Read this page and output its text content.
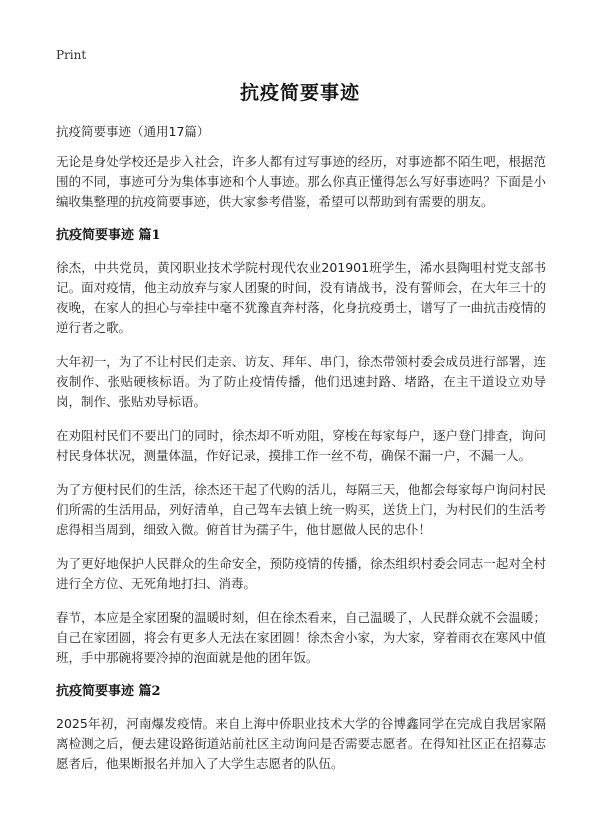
Print
抗疫简要事迹

抗疫简要事迹（通用17篇）

无论是身处学校还是步入社会，许多人都有过写事迹的经历，对事迹都不陌生吧，根据范围的不同，事迹可分为集体事迹和个人事迹。那么你真正懂得怎么写好事迹吗？下面是小编收集整理的抗疫简要事迹，供大家参考借鉴，希望可以帮助到有需要的朋友。

抗疫简要事迹 篇1

徐杰，中共党员，黄冈职业技术学院村现代农业201901班学生，浠水县陶咀村党支部书记。面对疫情，他主动放弃与家人团聚的时间，没有请战书，没有誓师会，在大年三十的夜晚，在家人的担心与牵挂中毫不犹豫直奔村落，化身抗疫勇士，谱写了一曲抗击疫情的逆行者之歌。

大年初一，为了不让村民们走亲、访友、拜年、串门，徐杰带领村委会成员进行部署，连夜制作、张贴硬核标语。为了防止疫情传播，他们迅速封路、堵路，在主干道设立劝导岗，制作、张贴劝导标语。

在劝阻村民们不要出门的同时，徐杰却不听劝阻，穿梭在每家每户，逐户登门排查，询问村民身体状况，测量体温，作好记录，摸排工作一丝不苟，确保不漏一户，不漏一人。

为了方便村民们的生活，徐杰还干起了代购的活儿，每隔三天，他都会每家每户询问村民们所需的生活用品，列好清单，自己驾车去镇上统一购买，送货上门，为村民们的生活考虑得相当周到，细致入微。俯首甘为孺子牛，他甘愿做人民的忠仆！

为了更好地保护人民群众的生命安全，预防疫情的传播，徐杰组织村委会同志一起对全村进行全方位、无死角地打扫、消毒。

春节，本应是全家团聚的温暖时刻，但在徐杰看来，自己温暖了，人民群众就不会温暖；自己在家团圆，将会有更多人无法在家团圆！徐杰舍小家，为大家，穿着雨衣在寒风中值班，手中那碗将要冷掉的泡面就是他的团年饭。

抗疫简要事迹 篇2

2025年初，河南爆发疫情。来自上海中侨职业技术大学的谷博鑫同学在完成自我居家隔离检测之后，便去建设路街道站前社区主动询问是否需要志愿者。在得知社区正在招募志愿者后，他果断报名并加入了大学生志愿者的队伍。
